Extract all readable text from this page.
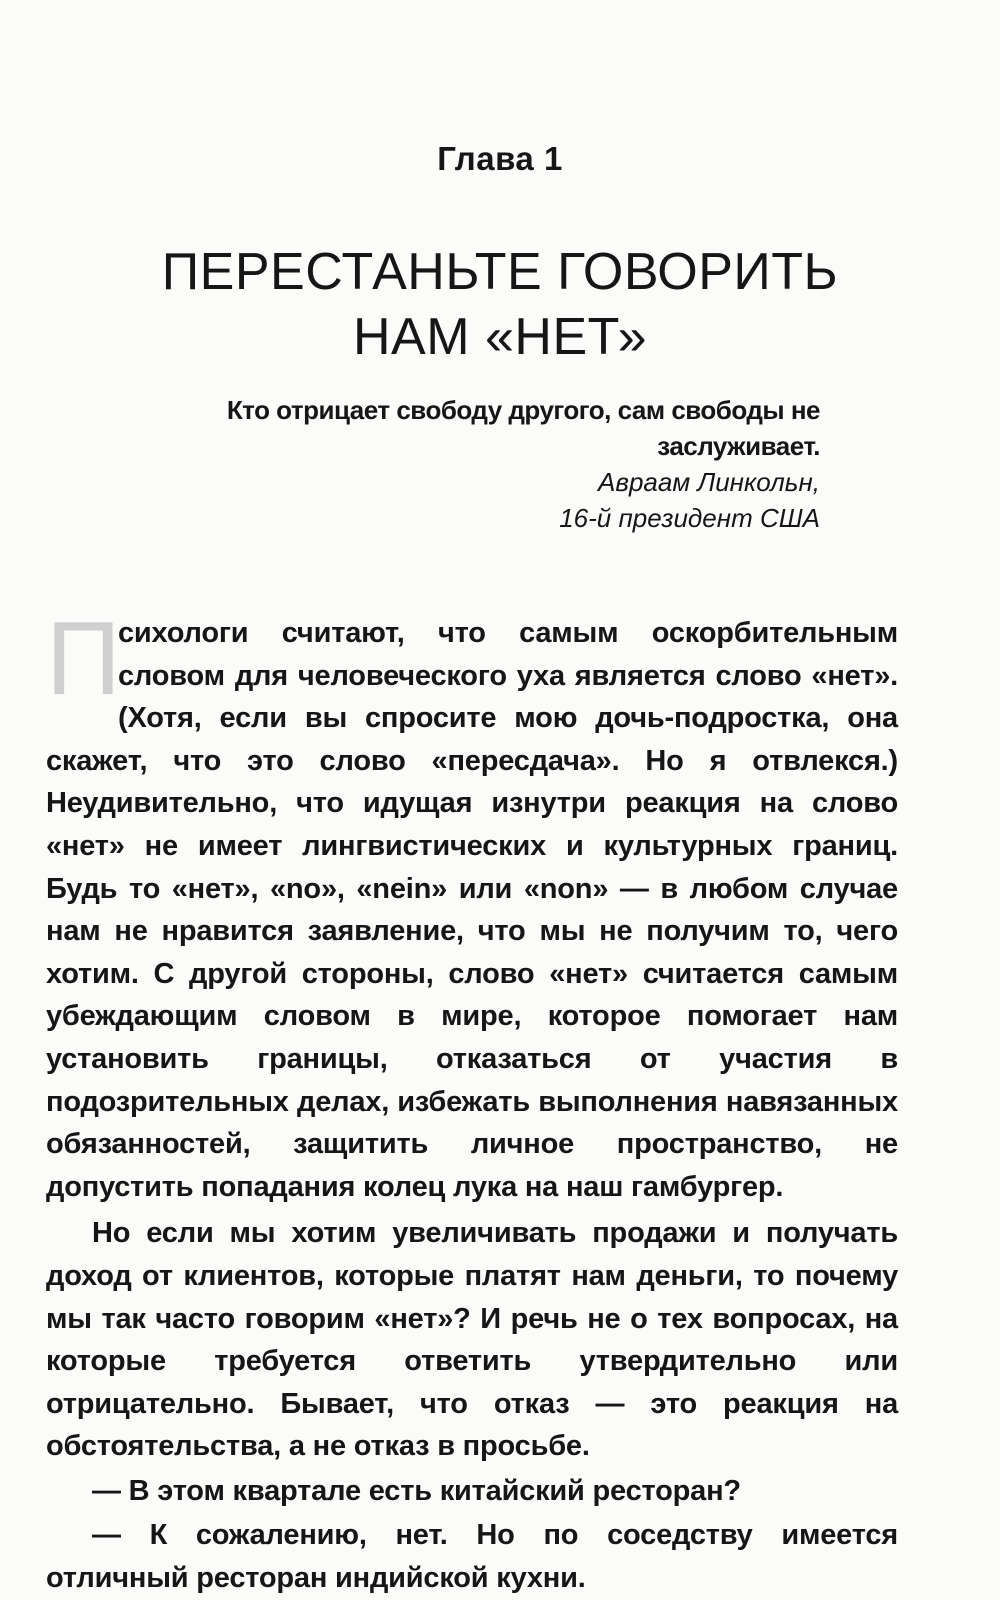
Глава 1
ПЕРЕСТАНЬТЕ ГОВОРИТЬ
НАМ «НЕТ»
Кто отрицает свободу другого, сам свободы не заслуживает.
Авраам Линкольн,
16-й президент США

П
сихологи считают, что самым оскорбительным словом для человеческого уха является слово «нет». (Хотя, если вы спросите мою дочь-подростка, она скажет, что это слово «пересдача». Но я отвлекся.) Неудивительно, что идущая изнутри реакция на слово «нет» не имеет лингвистических и культурных границ. Будь то «нет», «no», «nein» или «non» — в любом случае нам не нравится заявление, что мы не получим то, чего хотим. С другой стороны, слово «нет» считается самым убеждающим словом в мире, которое помогает нам установить границы, отказаться от участия в подозрительных делах, избежать выполнения навязанных обязанностей, защитить личное пространство, не допустить попадания колец лука на наш гамбургер.

Но если мы хотим увеличивать продажи и получать доход от клиентов, которые платят нам деньги, то почему мы так часто говорим «нет»? И речь не о тех вопросах, на которые требуется ответить утвердительно или отрицательно. Бывает, что отказ — это реакция на обстоятельства, а не отказ в просьбе.

— В этом квартале есть китайский ресторан?

— К сожалению, нет. Но по соседству имеется отличный ресторан индийской кухни.
